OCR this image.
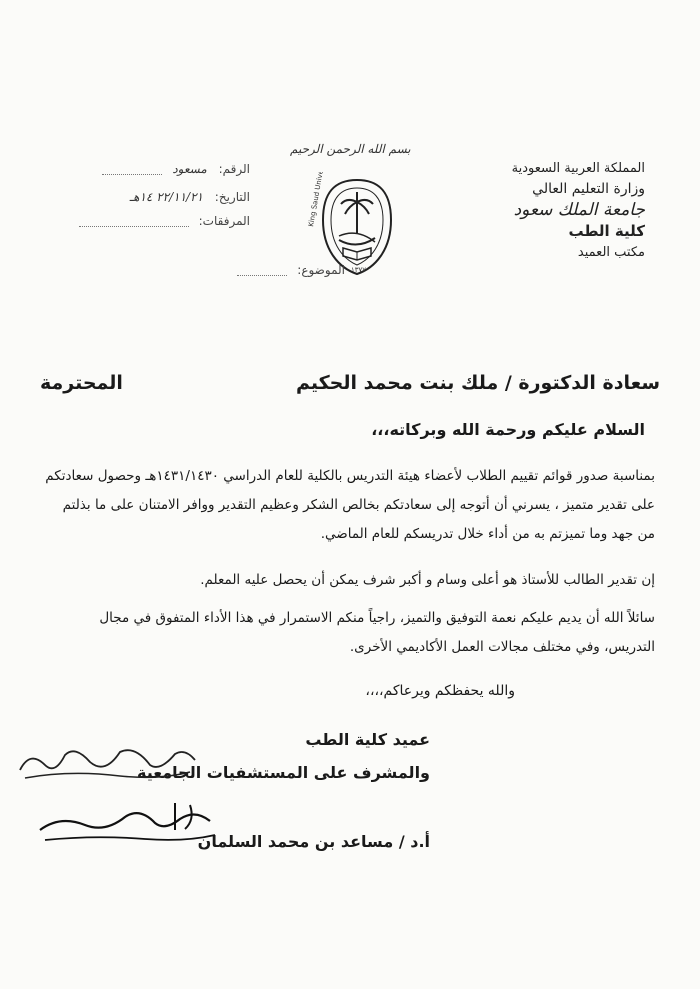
المملكة العربية السعودية
وزارة التعليم العالي
جامعة الملك سعود
كلية الطب
مكتب العميد
بسم الله الرحمن الرحيم
King Saud University 1957
١٣٧٧
الرقم: مسعود
التاريخ: ٢٢/١١/٢١ ١٤هـ
المرفقات:
الموضوع:
سعادة الدكتورة / ملك بنت محمد الحكيم
المحترمة
السلام عليكم ورحمة الله وبركاته،،،
بمناسبة صدور قوائم تقييم الطلاب لأعضاء هيئة التدريس بالكلية للعام الدراسي ١٤٣١/١٤٣٠هـ وحصول سعادتكم على تقدير متميز ، يسرني أن أتوجه إلى سعادتكم بخالص الشكر وعظيم التقدير ووافر الامتنان على ما بذلتم من جهد وما تميزتم به من أداء خلال تدريسكم للعام الماضي.
إن تقدير الطالب للأستاذ هو أعلى وسام و أكبر شرف يمكن أن يحصل عليه المعلم.
سائلاً الله أن يديم عليكم نعمة التوفيق والتميز، راجياً منكم الاستمرار في هذا الأداء المتفوق في مجال التدريس، وفي مختلف مجالات العمل الأكاديمي الأخرى.
والله يحفظكم ويرعاكم،،،،
عميد كلية الطب
والمشرف على المستشفيات الجامعية
أ.د / مساعد بن محمد السلمان
